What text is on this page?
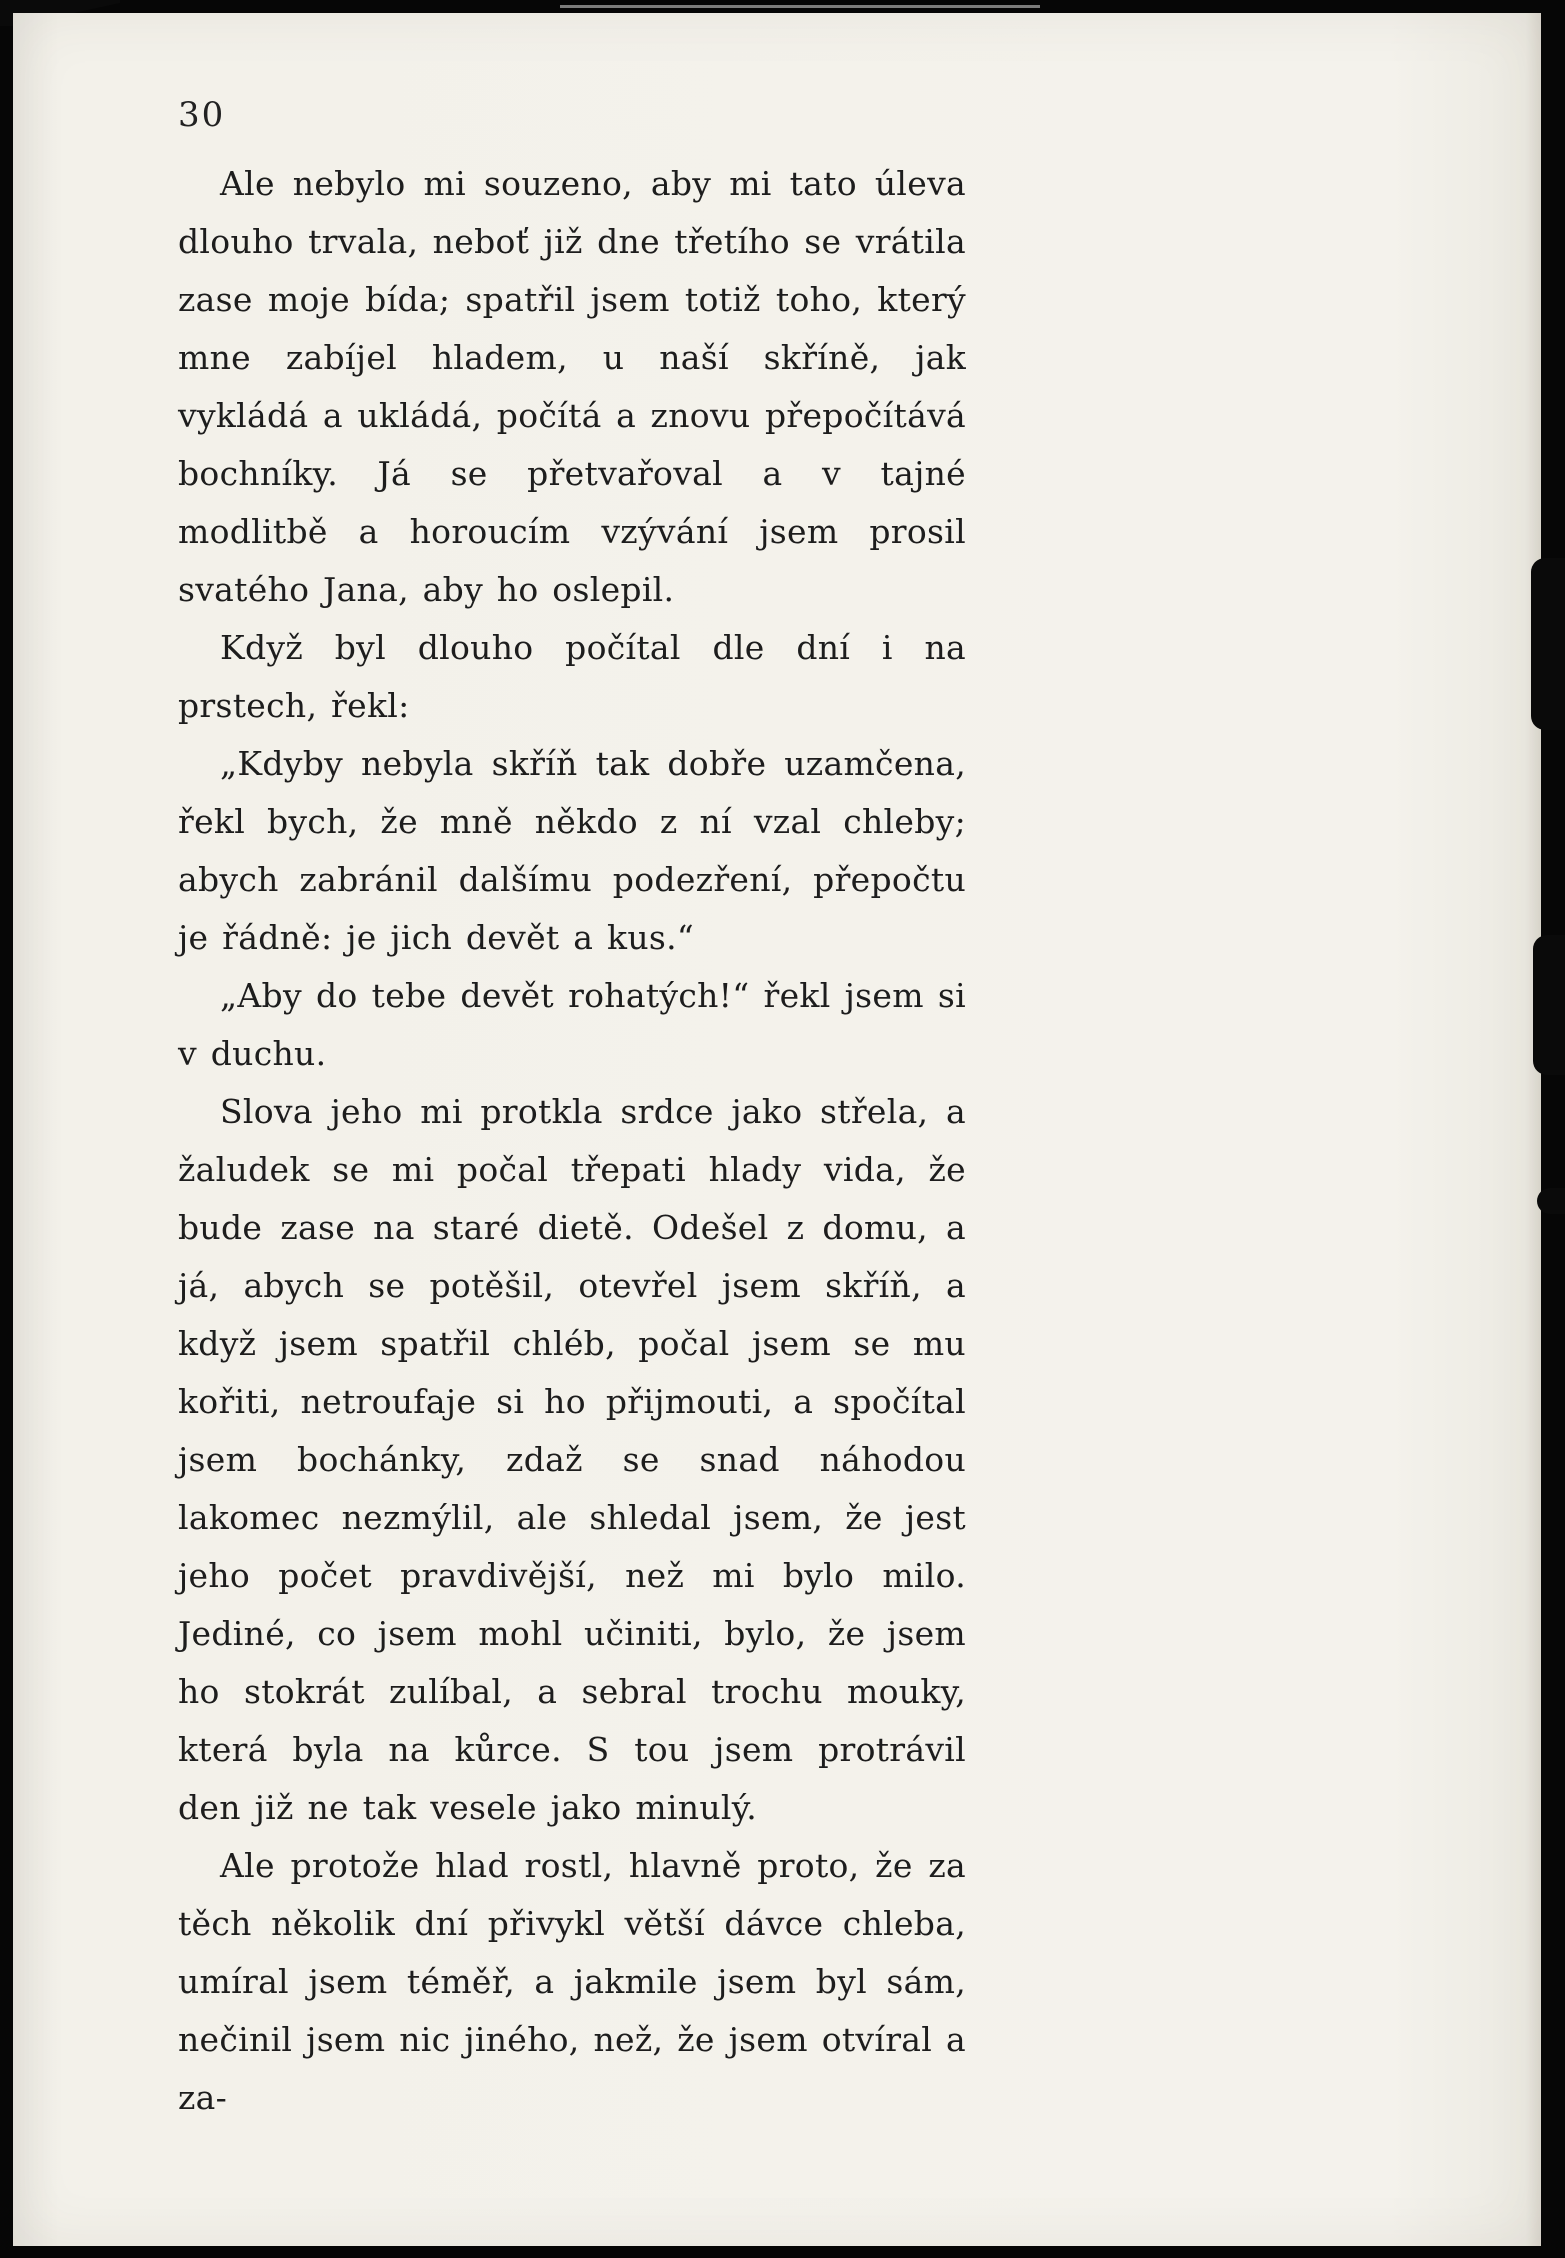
30

Ale nebylo mi souzeno, aby mi tato úleva dlouho trvala, neboť již dne třetího se vrátila zase moje bída; spatřil jsem totiž toho, který mne zabíjel hladem, u naší skříně, jak vykládá a ukládá, počítá a znovu přepočítává bochníky. Já se přetvařoval a v tajné modlitbě a horoucím vzývání jsem prosil svatého Jana, aby ho oslepil.

Když byl dlouho počítal dle dní i na prstech, řekl:

„Kdyby nebyla skříň tak dobře uzamčena, řekl bych, že mně někdo z ní vzal chleby; abych zabránil dalšímu podezření, přepočtu je řádně: je jich devět a kus.“

„Aby do tebe devět rohatých!“ řekl jsem si v duchu.

Slova jeho mi protkla srdce jako střela, a žaludek se mi počal třepati hlady vida, že bude zase na staré dietě. Odešel z domu, a já, abych se potěšil, otevřel jsem skříň, a když jsem spatřil chléb, počal jsem se mu kořiti, netroufaje si ho přijmouti, a spočítal jsem bochánky, zdaž se snad náhodou lakomec nezmýlil, ale shledal jsem, že jest jeho počet pravdivější, než mi bylo milo. Jediné, co jsem mohl učiniti, bylo, že jsem ho stokrát zulíbal, a sebral trochu mouky, která byla na kůrce. S tou jsem protrávil den již ne tak vesele jako minulý.

Ale protože hlad rostl, hlavně proto, že za těch několik dní přivykl větší dávce chleba, umíral jsem téměř, a jakmile jsem byl sám, nečinil jsem nic jiného, než, že jsem otvíral a za-
